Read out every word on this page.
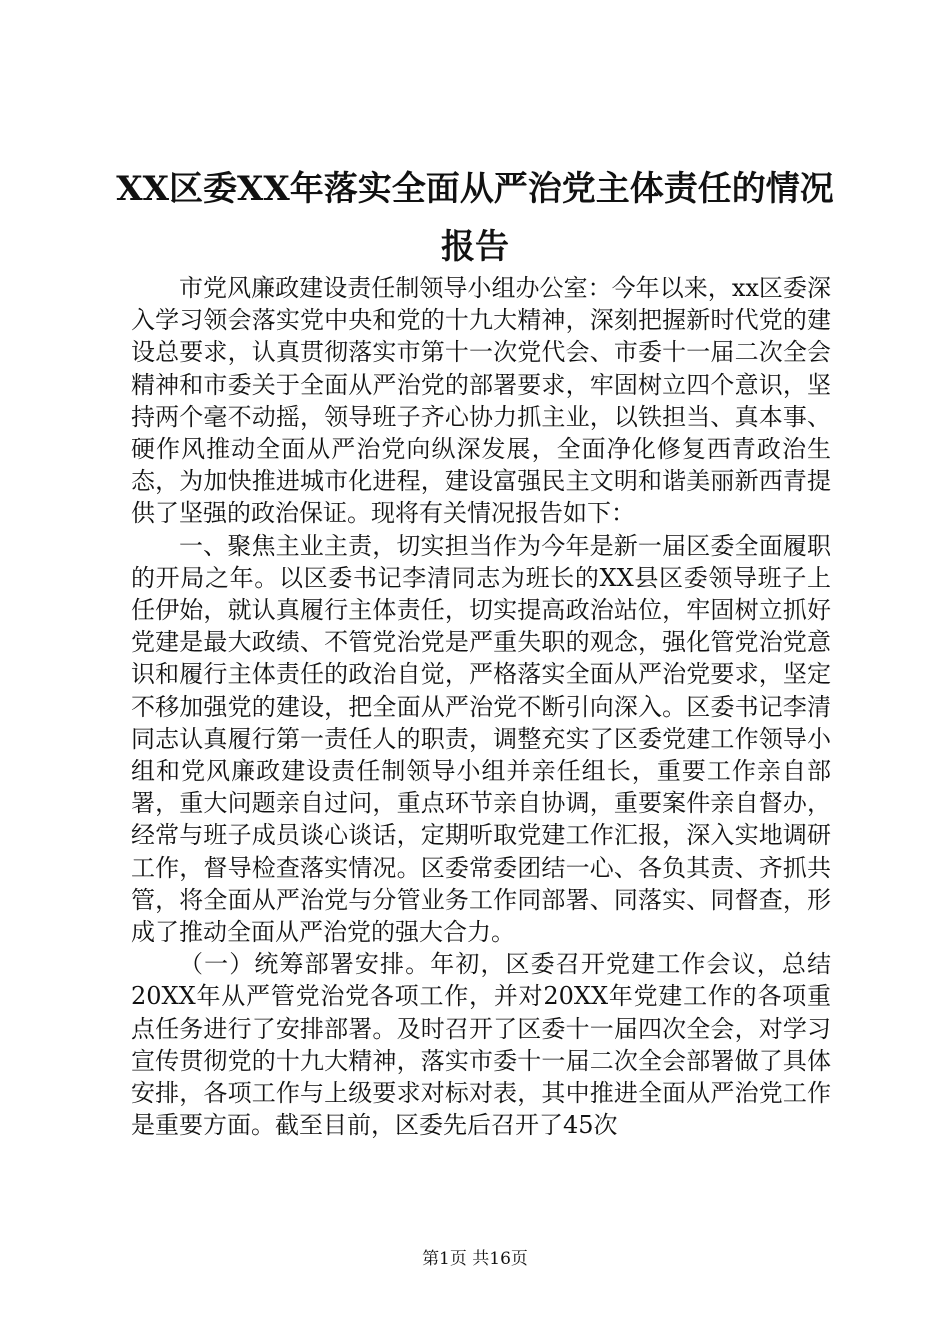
XX区委XX年落实全面从严治党主体责任的情况报告

市党风廉政建设责任制领导小组办公室：今年以来，xx区委深入学习领会落实党中央和党的十九大精神，深刻把握新时代党的建设总要求，认真贯彻落实市第十一次党代会、市委十一届二次全会精神和市委关于全面从严治党的部署要求，牢固树立四个意识，坚持两个毫不动摇，领导班子齐心协力抓主业，以铁担当、真本事、硬作风推动全面从严治党向纵深发展，全面净化修复西青政治生态，为加快推进城市化进程，建设富强民主文明和谐美丽新西青提供了坚强的政治保证。现将有关情况报告如下：

一、聚焦主业主责，切实担当作为今年是新一届区委全面履职的开局之年。以区委书记李清同志为班长的XX县区委领导班子上任伊始，就认真履行主体责任，切实提高政治站位，牢固树立抓好党建是最大政绩、不管党治党是严重失职的观念，强化管党治党意识和履行主体责任的政治自觉，严格落实全面从严治党要求，坚定不移加强党的建设，把全面从严治党不断引向深入。区委书记李清同志认真履行第一责任人的职责，调整充实了区委党建工作领导小组和党风廉政建设责任制领导小组并亲任组长，重要工作亲自部署，重大问题亲自过问，重点环节亲自协调，重要案件亲自督办，经常与班子成员谈心谈话，定期听取党建工作汇报，深入实地调研工作，督导检查落实情况。区委常委团结一心、各负其责、齐抓共管，将全面从严治党与分管业务工作同部署、同落实、同督查，形成了推动全面从严治党的强大合力。

（一）统筹部署安排。年初，区委召开党建工作会议，总结20XX年从严管党治党各项工作，并对20XX年党建工作的各项重点任务进行了安排部署。及时召开了区委十一届四次全会，对学习宣传贯彻党的十九大精神，落实市委十一届二次全会部署做了具体安排，各项工作与上级要求对标对表，其中推进全面从严治党工作是重要方面。截至目前，区委先后召开了45次

第1页 共16页
